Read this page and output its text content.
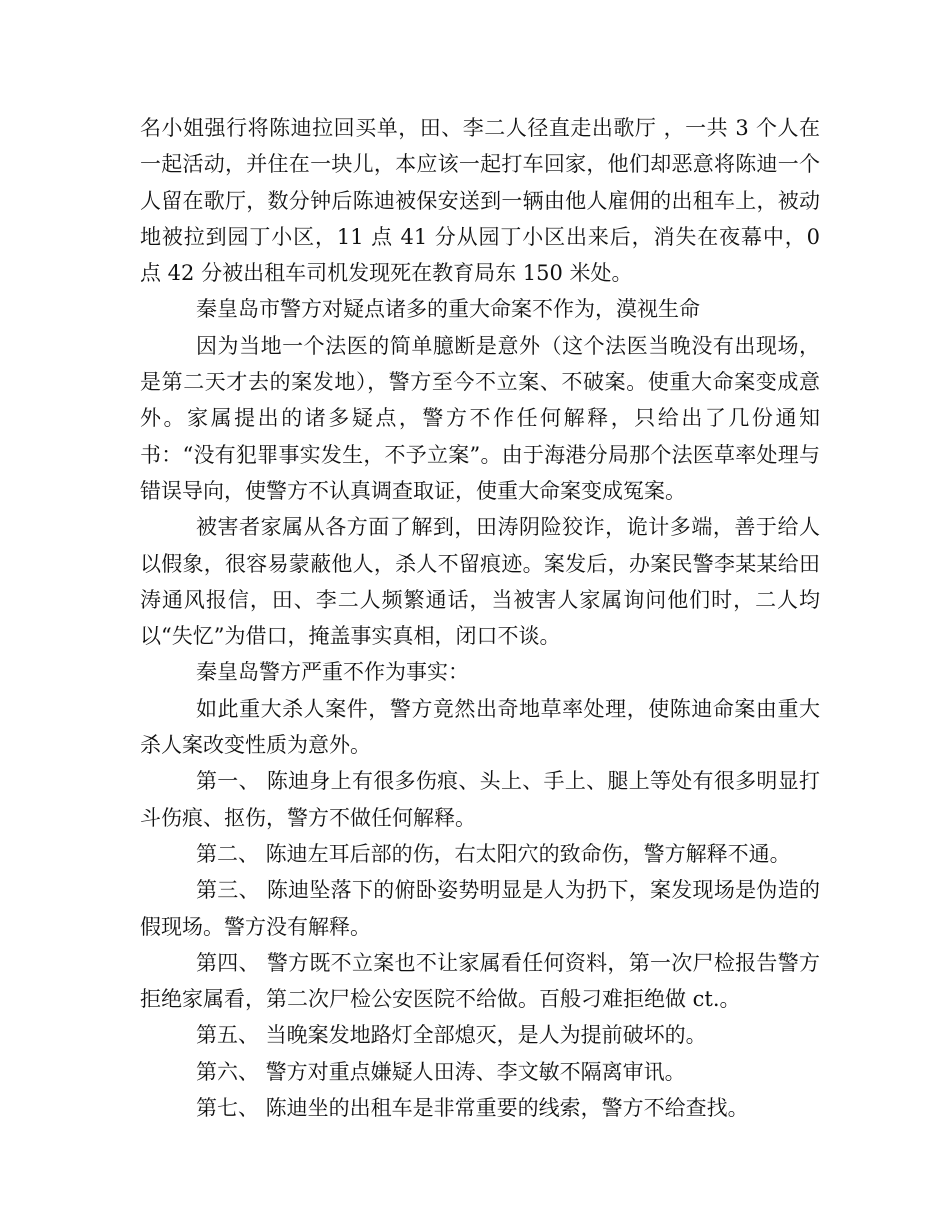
名小姐强行将陈迪拉回买单，田、李二人径直走出歌厅 ，一共 3 个人在一起活动，并住在一块儿，本应该一起打车回家，他们却恶意将陈迪一个人留在歌厅，数分钟后陈迪被保安送到一辆由他人雇佣的出租车上，被动地被拉到园丁小区，11 点 41 分从园丁小区出来后，消失在夜幕中，0 点 42 分被出租车司机发现死在教育局东 150 米处。

秦皇岛市警方对疑点诸多的重大命案不作为，漠视生命

因为当地一个法医的简单臆断是意外（这个法医当晚没有出现场，是第二天才去的案发地），警方至今不立案、不破案。使重大命案变成意外。家属提出的诸多疑点，警方不作任何解释，只给出了几份通知书：“没有犯罪事实发生，不予立案”。由于海港分局那个法医草率处理与错误导向，使警方不认真调查取证，使重大命案变成冤案。

被害者家属从各方面了解到，田涛阴险狡诈，诡计多端，善于给人以假象，很容易蒙蔽他人，杀人不留痕迹。案发后，办案民警李某某给田涛通风报信，田、李二人频繁通话，当被害人家属询问他们时，二人均以“失忆”为借口，掩盖事实真相，闭口不谈。

秦皇岛警方严重不作为事实：

如此重大杀人案件，警方竟然出奇地草率处理，使陈迪命案由重大杀人案改变性质为意外。

第一、 陈迪身上有很多伤痕、头上、手上、腿上等处有很多明显打斗伤痕、抠伤，警方不做任何解释。

第二、 陈迪左耳后部的伤，右太阳穴的致命伤，警方解释不通。

第三、 陈迪坠落下的俯卧姿势明显是人为扔下，案发现场是伪造的假现场。警方没有解释。

第四、 警方既不立案也不让家属看任何资料，第一次尸检报告警方拒绝家属看，第二次尸检公安医院不给做。百般刁难拒绝做 ct.。

第五、 当晚案发地路灯全部熄灭，是人为提前破坏的。

第六、 警方对重点嫌疑人田涛、李文敏不隔离审讯。

第七、 陈迪坐的出租车是非常重要的线索，警方不给查找。
